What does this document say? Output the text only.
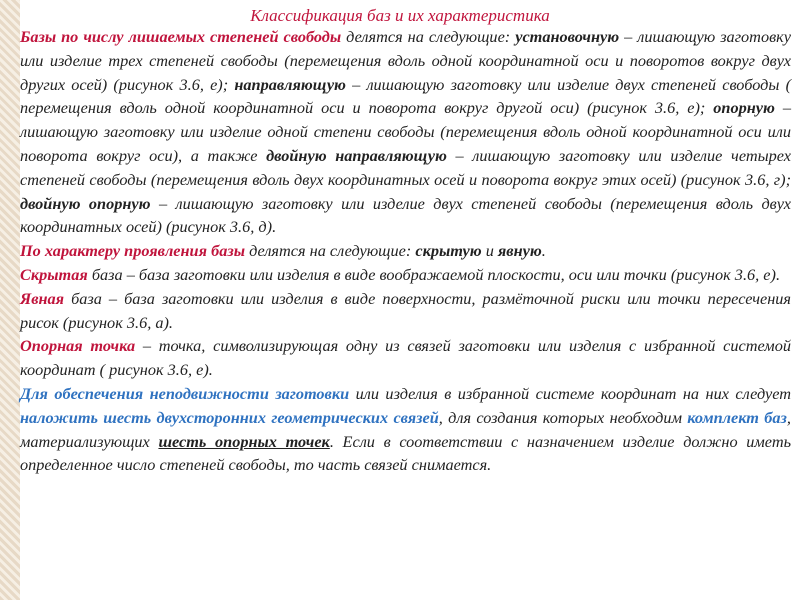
Классификация баз и их характеристика

Базы по числу лишаемых степеней свободы делятся на следующие: установочную – лишающую заготовку или изделие трех степеней свободы (перемещения вдоль одной координатной оси и поворотов вокруг двух других осей) (рисунок 3.6, е); направляющую – лишающую заготовку или изделие двух степеней свободы ( перемещения вдоль одной координатной оси и поворота вокруг другой оси) (рисунок 3.6, е); опорную – лишающую заготовку или изделие одной степени свободы (перемещения вдоль одной координатной оси или поворота вокруг оси), а также двойную направляющую – лишающую заготовку или изделие четырех степеней свободы (перемещения вдоль двух координатных осей и поворота вокруг этих осей) (рисунок 3.6, г); двойную опорную – лишающую заготовку или изделие двух степеней свободы (перемещения вдоль двух координатных осей) (рисунок 3.6, д).

По характеру проявления базы делятся на следующие: скрытую и явную.

Скрытая база – база заготовки или изделия в виде воображаемой плоскости, оси или точки (рисунок 3.6, е).

Явная база – база заготовки или изделия в виде поверхности, размёточной риски или точки пересечения рисок (рисунок 3.6, а).

Опорная точка – точка, символизирующая одну из связей заготовки или изделия с избранной системой координат ( рисунок 3.6, е).

Для обеспечения неподвижности заготовки или изделия в избранной системе координат на них следует наложить шесть двухсторонних геометрических связей, для создания которых необходим комплект баз, материализующих шесть опорных точек. Если в соответствии с назначением изделие должно иметь определенное число степеней свободы, то часть связей снимается.
